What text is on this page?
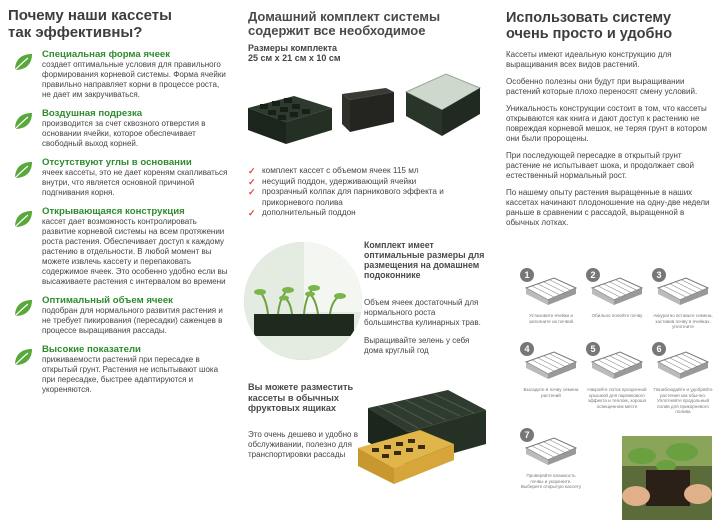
Почему наши кассеты так эффективны?
Специальная форма ячеек
создает оптимальные условия для правильного формирования корневой системы. Форма ячейки правильно направляет корни в процессе роста, не дает им закручиваться.
Воздушная подрезка
производится за счет сквозного отверстия в основании ячейки, которое обеспечивает свободный выход корней.
Отсутствуют углы в основании
ячеек кассеты, это не дает кореням скапливаться внутри, что является основной причиной подгнивания корня.
Открывающаяся конструкция
кассет дает возможность контролировать развитие корневой системы на всем протяжении роста растения. Обеспечивает доступ к каждому растению в отдельности. В любой момент вы можете извлечь кассету и перепаковать содержимое ячеек. Это особенно удобно если вы высаживаете растения с интервалом во времени
Оптимальный объем ячеек
подобран для нормального развития растения и не требует пикирования (пересадки) саженцев в процессе выращивания рассады.
Высокие показатели
приживаемости растений при пересадке в открытый грунт. Растения не испытывают шока при пересадке, быстрее адаптируются и укореняются.
Домашний комплект системы содержит все необходимое
Размеры комплекта
25 см х 21 см х 10 см
✓ комплект кассет с объемом ячеек 115 мл
✓ несущий поддон, удерживающий ячейки
✓ прозрачный колпак для парникового эффекта и прикорневого полива
✓ дополнительный поддон
Комплект имеет оптимальные размеры для размещения на домашнем подоконнике
Объем ячеек достаточный для нормального роста большинства кулинарных трав.
Выращивайте зелень у себя дома круглый год
Вы можете разместить кассеты в обычных фруктовых ящиках
Это очень дешево и удобно в обслуживании, полезно для транспортировки рассады
Использовать систему очень просто и удобно

Кассеты имеют идеальную конструкцию для выращивания всех видов растений.

Особенно полезны они будут при выращивании растений которые плохо переносят смену условий.

Уникальность конструкции состоит в том, что кассеты открываются как книга и дают доступ к растению не повреждая корневой мешок, не теряя грунт в котором они были пророщены.

При последующей пересадке в открытый грунт растение не испытывает шока, и продолжает свой естественный нормальный рост.

По нашему опыту растения выращенные в наших кассетах начинают плодоношение на одну-две недели раньше в сравнении с рассадой, выращенной в обычных лотках.

1
Установите ячейки и заполните их почвой
2
Обильно полейте почву
3
Аккуратно вставьте семена, заставив почву в ячейках, уплотните
4
Высадите в почву семена растений
5
Накройте лоток прозрачной крышкой для парникового эффекта и теплом, хорошо освещенном месте
6
Понаблюдайте и удобряйте растения как обычно. Уплотняйте продольный полив для прикорневого полива
7
Проверяйте влажность почвы и укорените. Выберите открытую кассету
